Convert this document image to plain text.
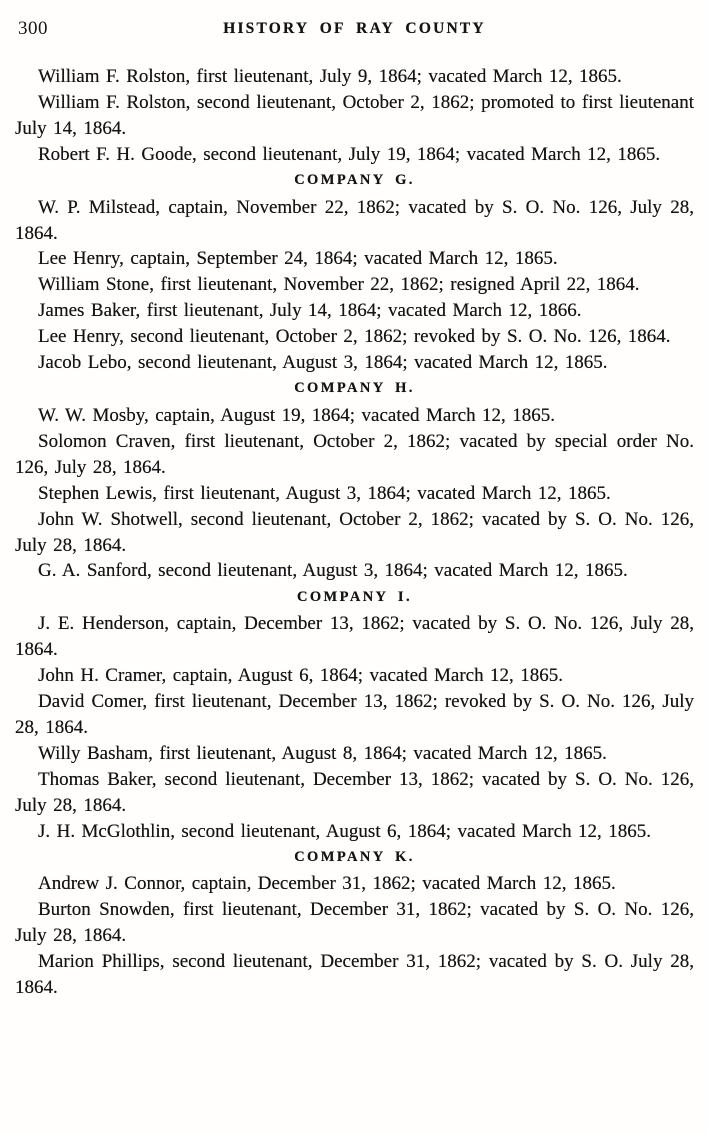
300	HISTORY OF RAY COUNTY

William F. Rolston, first lieutenant, July 9, 1864; vacated March 12, 1865.

William F. Rolston, second lieutenant, October 2, 1862; promoted to first lieutenant July 14, 1864.

Robert F. H. Goode, second lieutenant, July 19, 1864; vacated March 12, 1865.

COMPANY G.

W. P. Milstead, captain, November 22, 1862; vacated by S. O. No. 126, July 28, 1864.

Lee Henry, captain, September 24, 1864; vacated March 12, 1865.

William Stone, first lieutenant, November 22, 1862; resigned April 22, 1864.

James Baker, first lieutenant, July 14, 1864; vacated March 12, 1866.

Lee Henry, second lieutenant, October 2, 1862; revoked by S. O. No. 126, 1864.

Jacob Lebo, second lieutenant, August 3, 1864; vacated March 12, 1865.

COMPANY H.

W. W. Mosby, captain, August 19, 1864; vacated March 12, 1865.

Solomon Craven, first lieutenant, October 2, 1862; vacated by special order No. 126, July 28, 1864.

Stephen Lewis, first lieutenant, August 3, 1864; vacated March 12, 1865.

John W. Shotwell, second lieutenant, October 2, 1862; vacated by S. O. No. 126, July 28, 1864.

G. A. Sanford, second lieutenant, August 3, 1864; vacated March 12, 1865.

COMPANY I.

J. E. Henderson, captain, December 13, 1862; vacated by S. O. No. 126, July 28, 1864.

John H. Cramer, captain, August 6, 1864; vacated March 12, 1865.

David Comer, first lieutenant, December 13, 1862; revoked by S. O. No. 126, July 28, 1864.

Willy Basham, first lieutenant, August 8, 1864; vacated March 12, 1865.

Thomas Baker, second lieutenant, December 13, 1862; vacated by S. O. No. 126, July 28, 1864.

J. H. McGlothlin, second lieutenant, August 6, 1864; vacated March 12, 1865.

COMPANY K.

Andrew J. Connor, captain, December 31, 1862; vacated March 12, 1865.

Burton Snowden, first lieutenant, December 31, 1862; vacated by S. O. No. 126, July 28, 1864.

Marion Phillips, second lieutenant, December 31, 1862; vacated by S. O. July 28, 1864.
